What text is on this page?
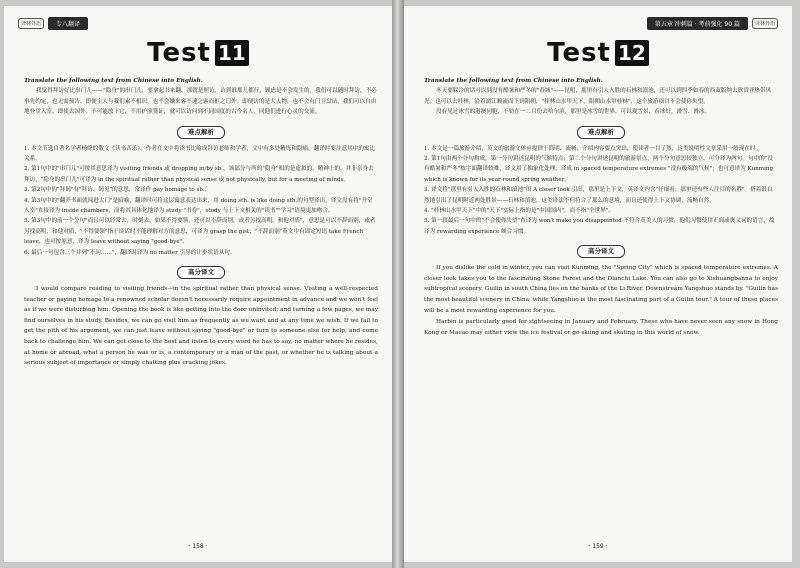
译林外语	专八翻译
Test 11
Translate the following text from Chinese into English.

我觉得拜访好比串门儿——"隐身"的串门儿，要拿起书来翻，那就是照访，访到谁那儿都行，顾虑是不会发生的，我们可以随时拜访，不必事先约定，也无需预告。即便主人与我们素不相识，也不会嫌来客不速之客而拒之门外；即便访的是大人物，也不会有门卫盘诘，我们可以自由地登堂入室。即使去国外，不可能放下它，不用护照签证，就可以访问到不同国度的古今名人，同他们进行心灵的交流。

难点解析

1. 本文节选自著名学者杨绛的散文《读书苦乐》。作者在文中将读书比喻成拜访老师和学者，文中有多处精炼和隐喻，翻译时要注意其中的寓比关系。

2. 第1句中的"串门儿"可按其意思译为 visiting friends 或 dropping in/by sb.。该部分与所的"隐身"相的是虚拟的、精神上的，并非亲身去拜访，"隐身的串门儿"可译为 in the spiritual rather than physical sense 或 not physically, but for a meeting of minds。

3. 第2句中的"拜谒"有"拜访、谒见"的意思，常译作 pay homage to sb.。

4. 第3句中的"翻开书面就闯进大门"是暗喻，翻译时可将这层寓意表达出来，用 doing sth. is like doing sth.的句型译出，译文没有将"升堂入室"直接译为 inside chambers，而将其具体化地译为 study "书券"，study 与上下文相关的"读书""学习"语境更加吻合。

5. 第3句中的前一个分句"而且可以经常去，时刻去，如果不得要领，还可以不辞而别，或者另找高明，和他对质"，意思是可以不辞而别，或者另找高明，和他对质，"不得要领"指于谈话时不能理解对方的意思，可译为 grasp the gist；"不辞而别"英文中有固定短语 take French leave，也可按原意，译为 leave without saying "good-bye"。

6. 最后一句包含三个并列"不问……"，翻译时译为 no matter 引导的让步状语从句。

高分译文

I would compare reading to visiting friends—in the spiritual rather than physical sense. Visiting a well-respected teacher or paying homage to a renowned scholar doesn't necessarily require appointment in advance and we won't feel as if we were disturbing him. Opening the book is like getting into the door uninvited; and turning a few pages, we may find ourselves in his study. Besides, we can go visit him as frequently as we want and at any time we wish. If we fail to get the pith of his argument, we can just leave without saying "good-bye" or turn to someone else for help, and come back to challenge him. We can get close to the host and listen to every word he has to say, no matter where he resides, at home or abroad, what a person he was or is, a contemporary or a man of the past, or whether he is talking about a serious subject of importance or simply chatting plus cracking jokes.

· 158 ·
第五章 冲刺篇 · 考前强化 90 篇	译林外语
Test 12
Translate the following text from Chinese into English.

冬天要躲冷的话可以到没有酷暑和严冬的"春城"——昆明，那里有引人入胜的石林和滇池，还可以到四季如春的西双版纳去欣赏亚热带风光。也可以去桂林，沿着漓江顺流而下到阳朔，"桂林山水甲天下，阳朔山水甲桂林"，这个旅游项目不会使你失望。

没有见过冰雪的港澳同胞，不妨在一二月份去哈尔滨，那里是冰雪的世界，可以观雪景、看冰灯，滑雪、滑冰。

难点解析

1. 本文是一篇旅游介绍，英文的旅游文体应提供于简明、流畅，介绍内容要点突出，使读者一目了然，这类说明性文章采用一般现在时。

2. 第1句由两个分句构成，第一分句讲述昆明的气候特点；第二个分句讲述昆明的旅游景点，两个分句意思较独立，可分译为两句。句中的"没有酷暑和严冬"按字面翻译较难，译文用了抽象化处理，译成 in spaced temperature extremes "没有极端的气候"；也可意译为 Kunming which is known for its year-round spring weather。

3. 译文将"那里有引人入胜的石林和滇池"用 A closer look 引出，那里是上下文，英译文内含"仔细看，那里还有些人注目的名胜"。搭着很自然地引出了昆明附近两处胜景——石林和滇池。这类译法不但符合了那么的意境，而且还使得上下文协调，流畅自然。

4. "桂林山水甲天下"中的"天下"实际上指的是"中国国内"，而不指"全世界"。

5. 第一段最后一句中的"不会使你失望"直译为 won't make you disappointed 不符合英美人的习惯，他们习惯使用正面或褒义词的语言，故译为 rewarding experience 颇合习惯。

高分译文

If you dislike the cold in winter, you can visit Kunming, the "Spring City" which is spaced temperature extremes. A closer look takes you to the fascinating Stone Forest and the Dianchi Lake. You can also go to Xishuangbanna to enjoy subtropical scenery. Guilin in south China lies on the banks of the Li River. Downstream Yangshuo stands by. "Guilin has the most beautiful scenery in China, while Yangshuo is the most fascinating part of a Guilin tour." A tour of these places will be a most rewarding experience for you.

Harbin is particularly good for sightseeing in January and February. Those who have never seen any snow in Hong Kong or Macao may either view the ice festival or go skiing and skating in this world of snow.

· 159 ·
